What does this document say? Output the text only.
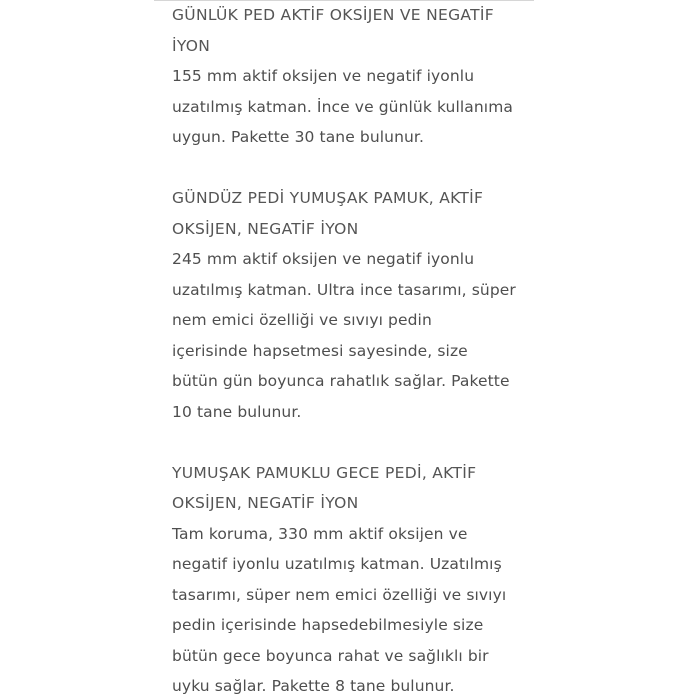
GÜNLÜK PED AKTİF OKSİJEN VE NEGATİF
İYON
155 mm aktif oksijen ve negatif iyonlu
uzatılmış katman. İnce ve günlük kullanıma
uygun. Pakette 30 tane bulunur.
GÜNDÜZ PEDİ YUMUŞAK PAMUK, AKTİF
OKSİJEN, NEGATİF İYON
245 mm aktif oksijen ve negatif iyonlu
uzatılmış katman. Ultra ince tasarımı, süper
nem emici özelliği ve sıvıyı pedin
içerisinde hapsetmesi sayesinde, size
bütün gün boyunca rahatlık sağlar. Pakette
10 tane bulunur.
YUMUŞAK PAMUKLU GECE PEDİ, AKTİF
OKSİJEN, NEGATİF İYON
Tam koruma, 330 mm aktif oksijen ve
negatif iyonlu uzatılmış katman. Uzatılmış
tasarımı, süper nem emici özelliği ve sıvıyı
pedin içerisinde hapsedebilmesiyle size
bütün gece boyunca rahat ve sağlıklı bir
uyku sağlar. Pakette 8 tane bulunur.
